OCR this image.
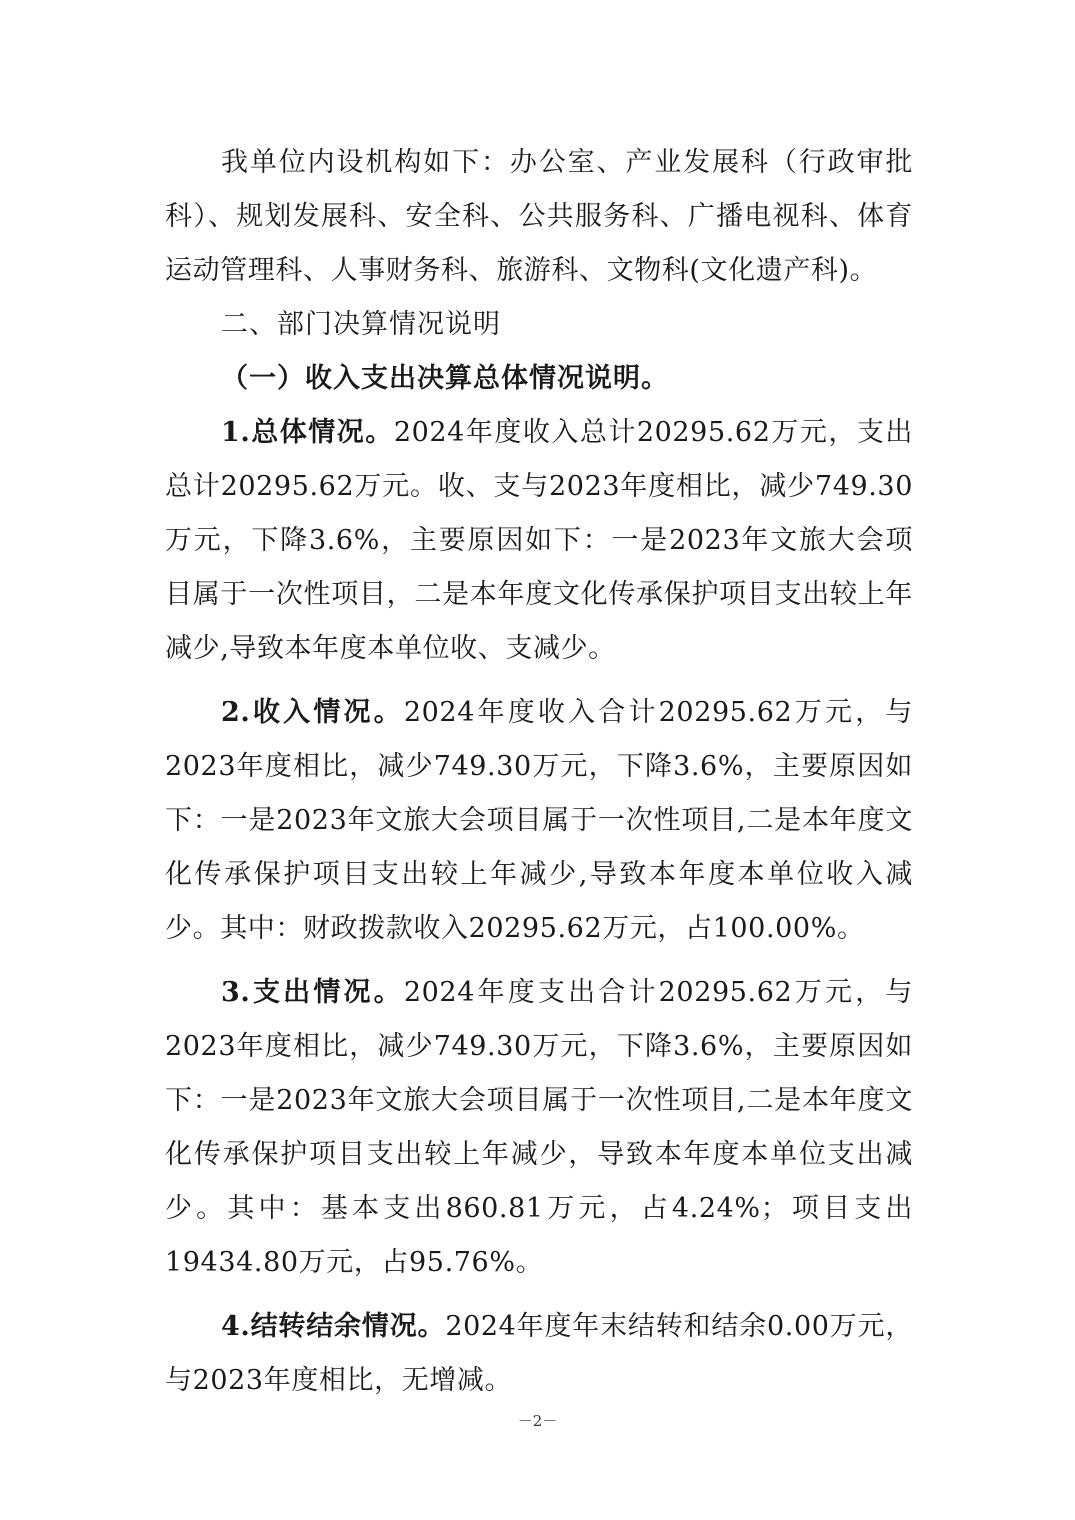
我单位内设机构如下：办公室、产业发展科（行政审批科）、规划发展科、安全科、公共服务科、广播电视科、体育运动管理科、人事财务科、旅游科、文物科(文化遗产科)。

二、部门决算情况说明

（一）收入支出决算总体情况说明。

1.总体情况。2024年度收入总计20295.62万元，支出总计20295.62万元。收、支与2023年度相比，减少749.30万元，下降3.6%，主要原因如下：一是2023年文旅大会项目属于一次性项目，二是本年度文化传承保护项目支出较上年减少,导致本年度本单位收、支减少。

2.收入情况。2024年度收入合计20295.62万元，与2023年度相比，减少749.30万元，下降3.6%，主要原因如下：一是2023年文旅大会项目属于一次性项目,二是本年度文化传承保护项目支出较上年减少,导致本年度本单位收入减少。其中：财政拨款收入20295.62万元，占100.00%。

3.支出情况。2024年度支出合计20295.62万元，与2023年度相比，减少749.30万元，下降3.6%，主要原因如下：一是2023年文旅大会项目属于一次性项目,二是本年度文化传承保护项目支出较上年减少，导致本年度本单位支出减少。其中：基本支出860.81万元，占4.24%；项目支出19434.80万元，占95.76%。

4.结转结余情况。2024年度年末结转和结余0.00万元，与2023年度相比，无增减。

－2－
